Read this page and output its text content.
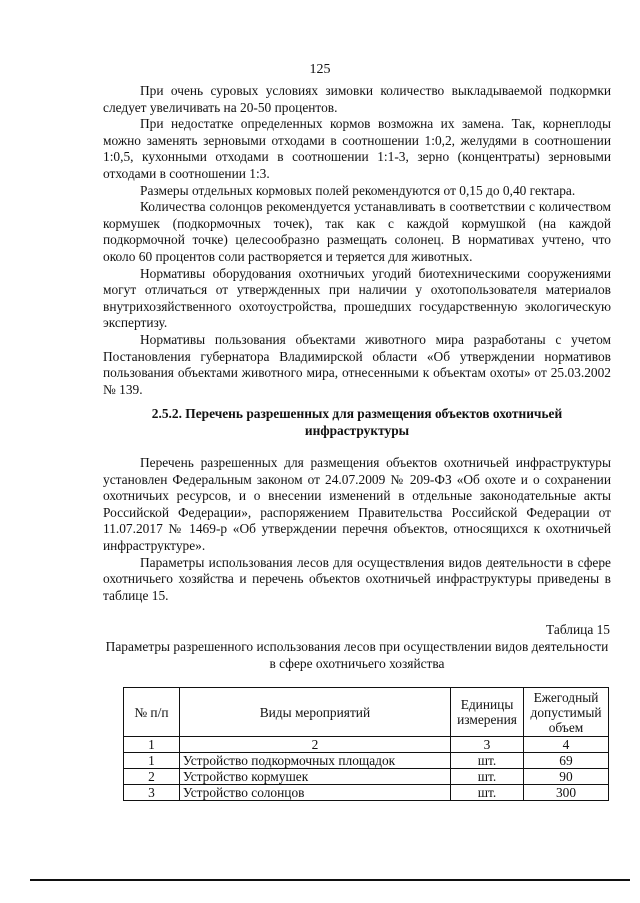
125

При очень суровых условиях зимовки количество выкладываемой подкормки следует увеличивать на 20-50 процентов.

При недостатке определенных кормов возможна их замена. Так, корнеплоды можно заменять зерновыми отходами в соотношении 1:0,2, желудями в соотношении 1:0,5, кухонными отходами в соотношении 1:1-3, зерно (концентраты) зерновыми отходами в соотношении 1:3.

Размеры отдельных кормовых полей рекомендуются от 0,15 до 0,40 гектара.

Количества солонцов рекомендуется устанавливать в соответствии с количеством кормушек (подкормочных точек), так как с каждой кормушкой (на каждой подкормочной точке) целесообразно размещать солонец. В нормативах учтено, что около 60 процентов соли растворяется и теряется для животных.

Нормативы оборудования охотничьих угодий биотехническими сооружениями могут отличаться от утвержденных при наличии у охотопользователя материалов внутрихозяйственного охотоустройства, прошедших государственную экологическую экспертизу.

Нормативы пользования объектами животного мира разработаны с учетом Постановления губернатора Владимирской области «Об утверждении нормативов пользования объектами животного мира, отнесенными к объектам охоты» от 25.03.2002 № 139.

2.5.2. Перечень разрешенных для размещения объектов охотничьей инфраструктуры

Перечень разрешенных для размещения объектов охотничьей инфраструктуры установлен Федеральным законом от 24.07.2009 № 209-ФЗ «Об охоте и о сохранении охотничьих ресурсов, и о внесении изменений в отдельные законодательные акты Российской Федерации», распоряжением Правительства Российской Федерации от 11.07.2017 № 1469-р «Об утверждении перечня объектов, относящихся к охотничьей инфраструктуре».

Параметры использования лесов для осуществления видов деятельности в сфере охотничьего хозяйства и перечень объектов охотничьей инфраструктуры приведены в таблице 15.

Таблица 15
Параметры разрешенного использования лесов при осуществлении видов деятельности в сфере охотничьего хозяйства
№ п/п	Виды мероприятий	Единицы измерения	Ежегодный допустимый объем
1	2	3	4
1	Устройство подкормочных площадок	шт.	69
2	Устройство кормушек	шт.	90
3	Устройство солонцов	шт.	300
